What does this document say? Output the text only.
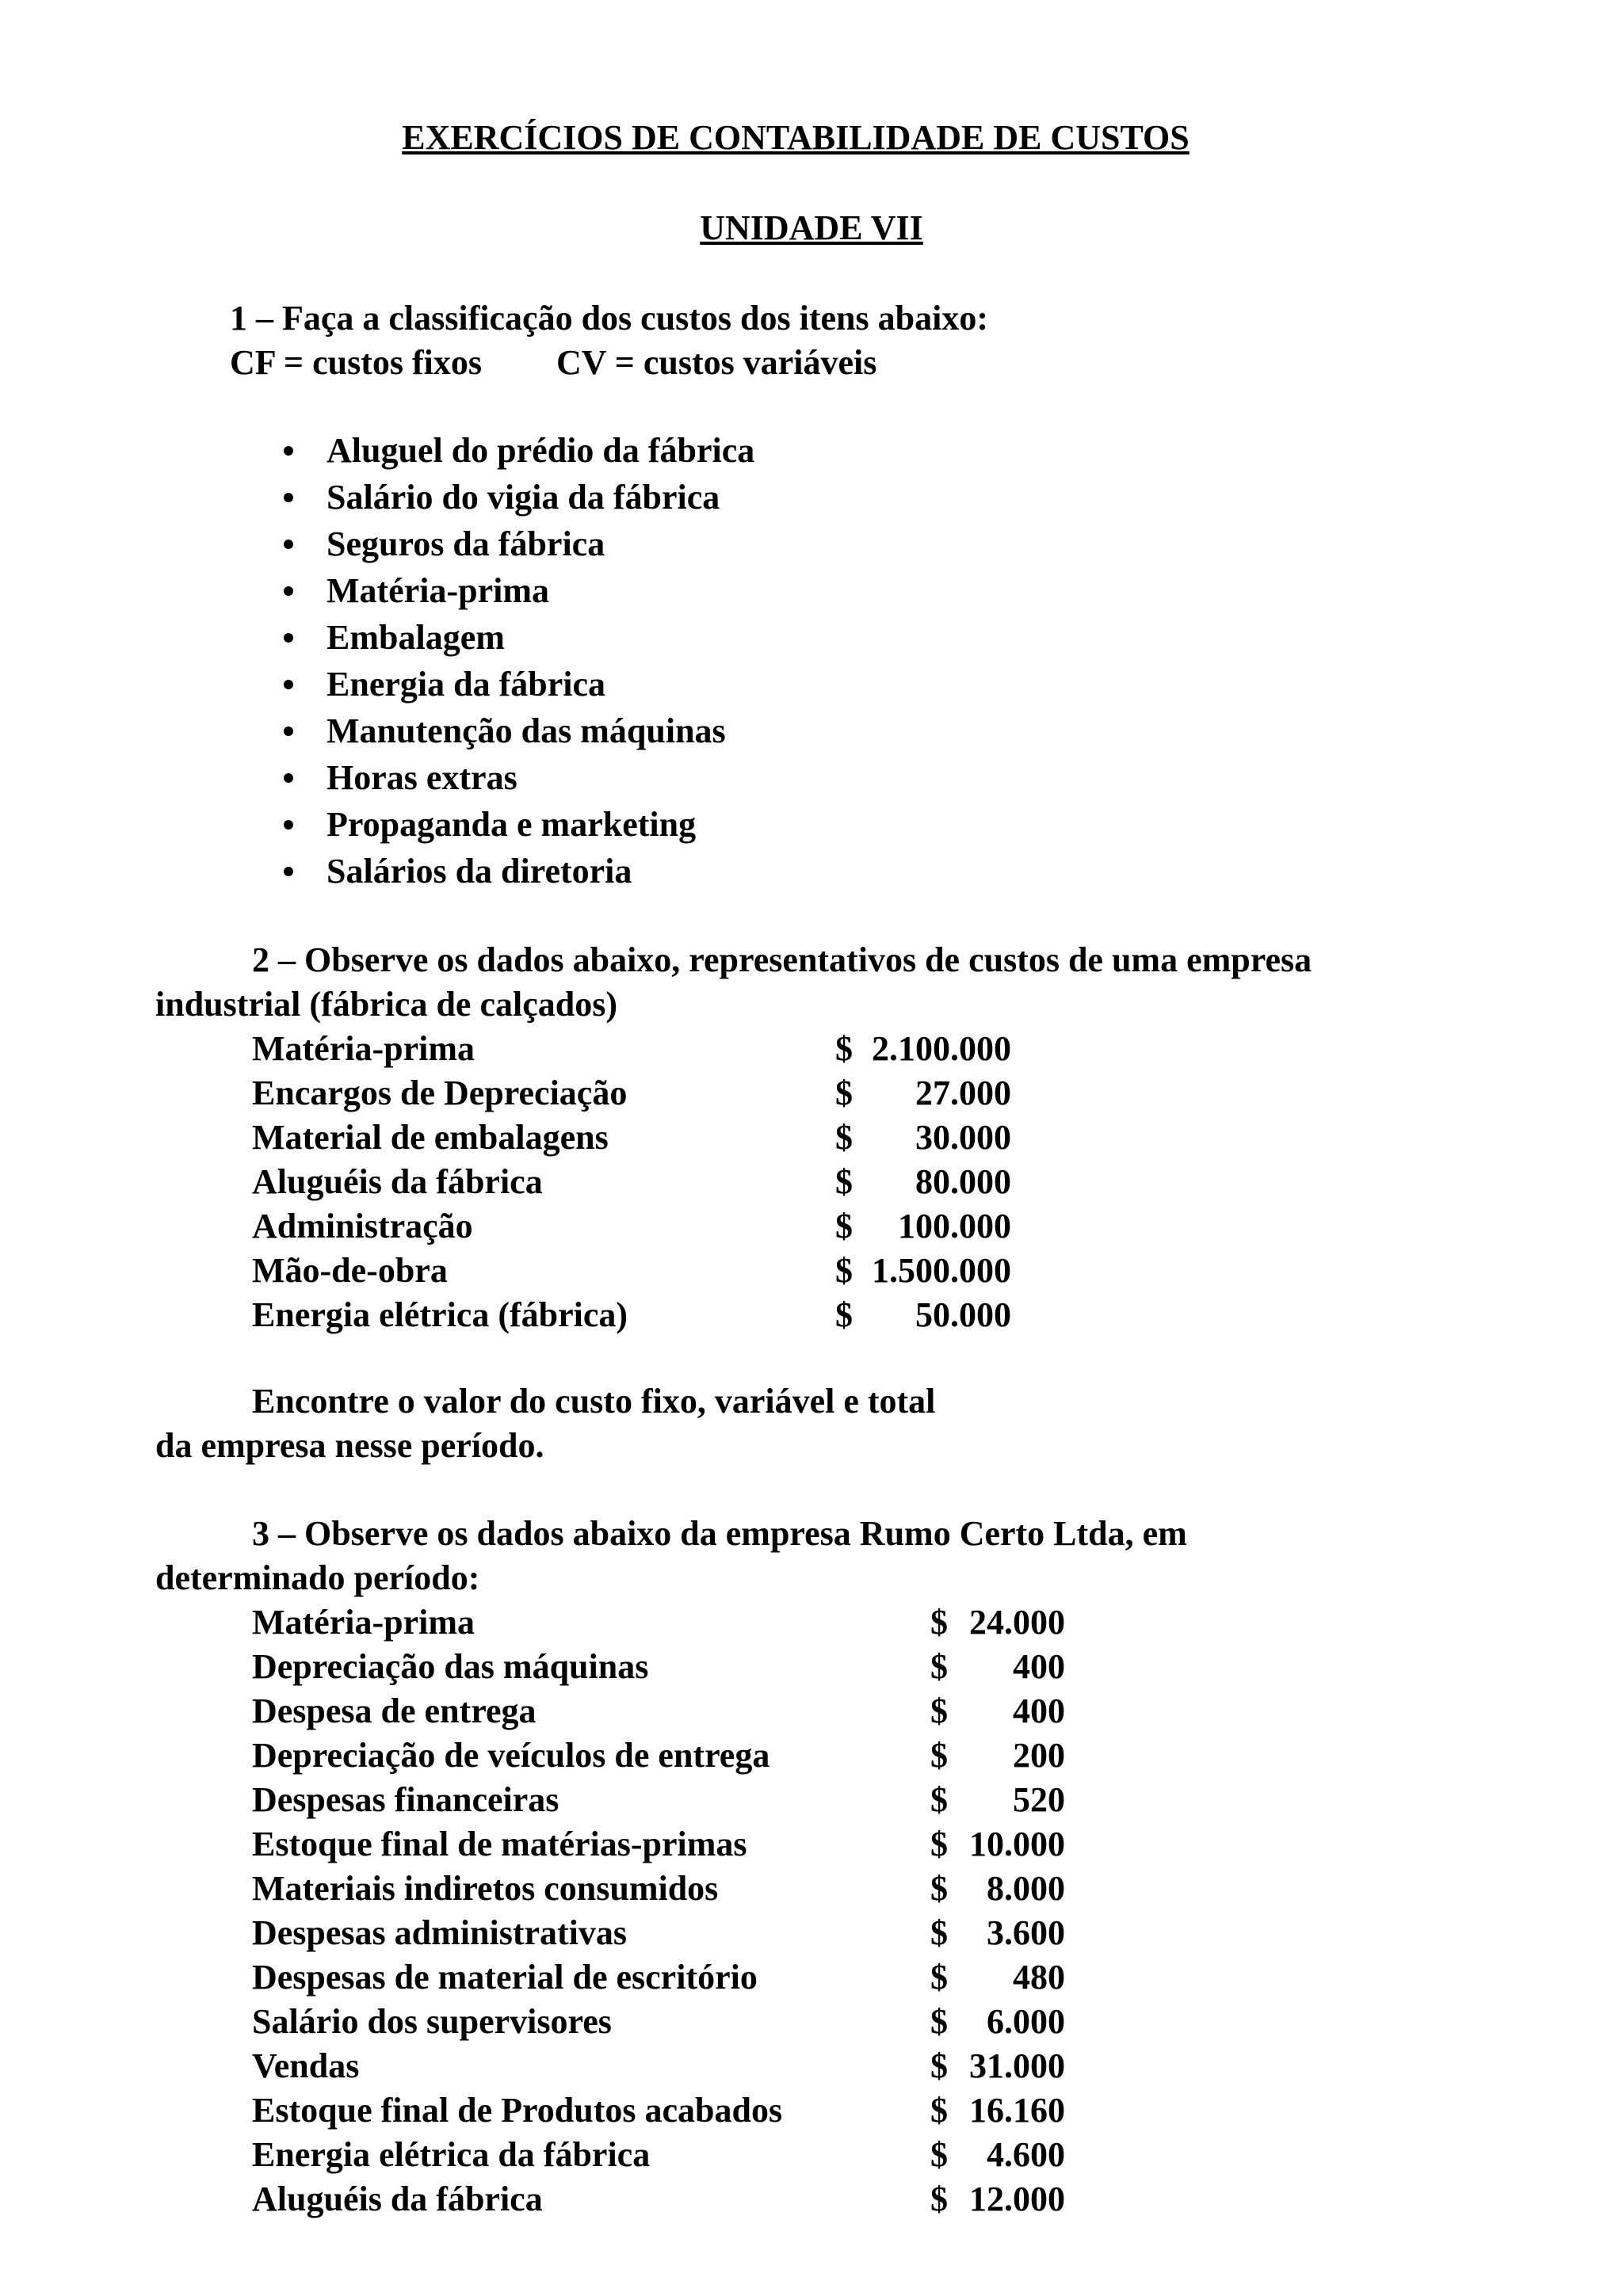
EXERCÍCIOS DE CONTABILIDADE DE CUSTOS
UNIDADE VII
1 – Faça a classificação dos custos dos itens abaixo:
CF = custos fixos CV = custos variáveis
Aluguel do prédio da fábrica
Salário do vigia da fábrica
Seguros da fábrica
Matéria-prima
Embalagem
Energia da fábrica
Manutenção das máquinas
Horas extras
Propaganda e marketing
Salários da diretoria
2 – Observe os dados abaixo, representativos de custos de uma empresa
industrial (fábrica de calçados)
Matéria-prima	$	2.100.000
Encargos de Depreciação	$	27.000
Material de embalagens	$	30.000
Aluguéis da fábrica	$	80.000
Administração	$	100.000
Mão-de-obra	$	1.500.000
Energia elétrica (fábrica)	$	50.000
Encontre o valor do custo fixo, variável e total
da empresa nesse período.
3 – Observe os dados abaixo da empresa Rumo Certo Ltda, em
determinado período:
Matéria-prima	$	24.000
Depreciação das máquinas	$	400
Despesa de entrega	$	400
Depreciação de veículos de entrega	$	200
Despesas financeiras	$	520
Estoque final de matérias-primas	$	10.000
Materiais indiretos consumidos	$	8.000
Despesas administrativas	$	3.600
Despesas de material de escritório	$	480
Salário dos supervisores	$	6.000
Vendas	$	31.000
Estoque final de Produtos acabados	$	16.160
Energia elétrica da fábrica	$	4.600
Aluguéis da fábrica	$	12.000
